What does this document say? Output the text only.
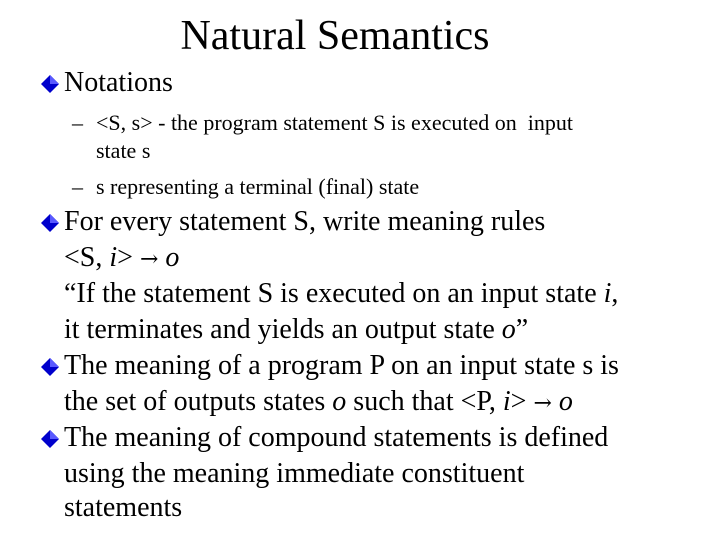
Natural Semantics
Notations
– <S, s> - the program statement S is executed on  input
state s
– s representing a terminal (final) state
For every statement S, write meaning rules
<S, i> → o
“If the statement S is executed on an input state i,
it terminates and yields an output state o”
The meaning of a program P on an input state s is
the set of outputs states o such that <P, i> → o
The meaning of compound statements is defined
using the meaning immediate constituent
statements
